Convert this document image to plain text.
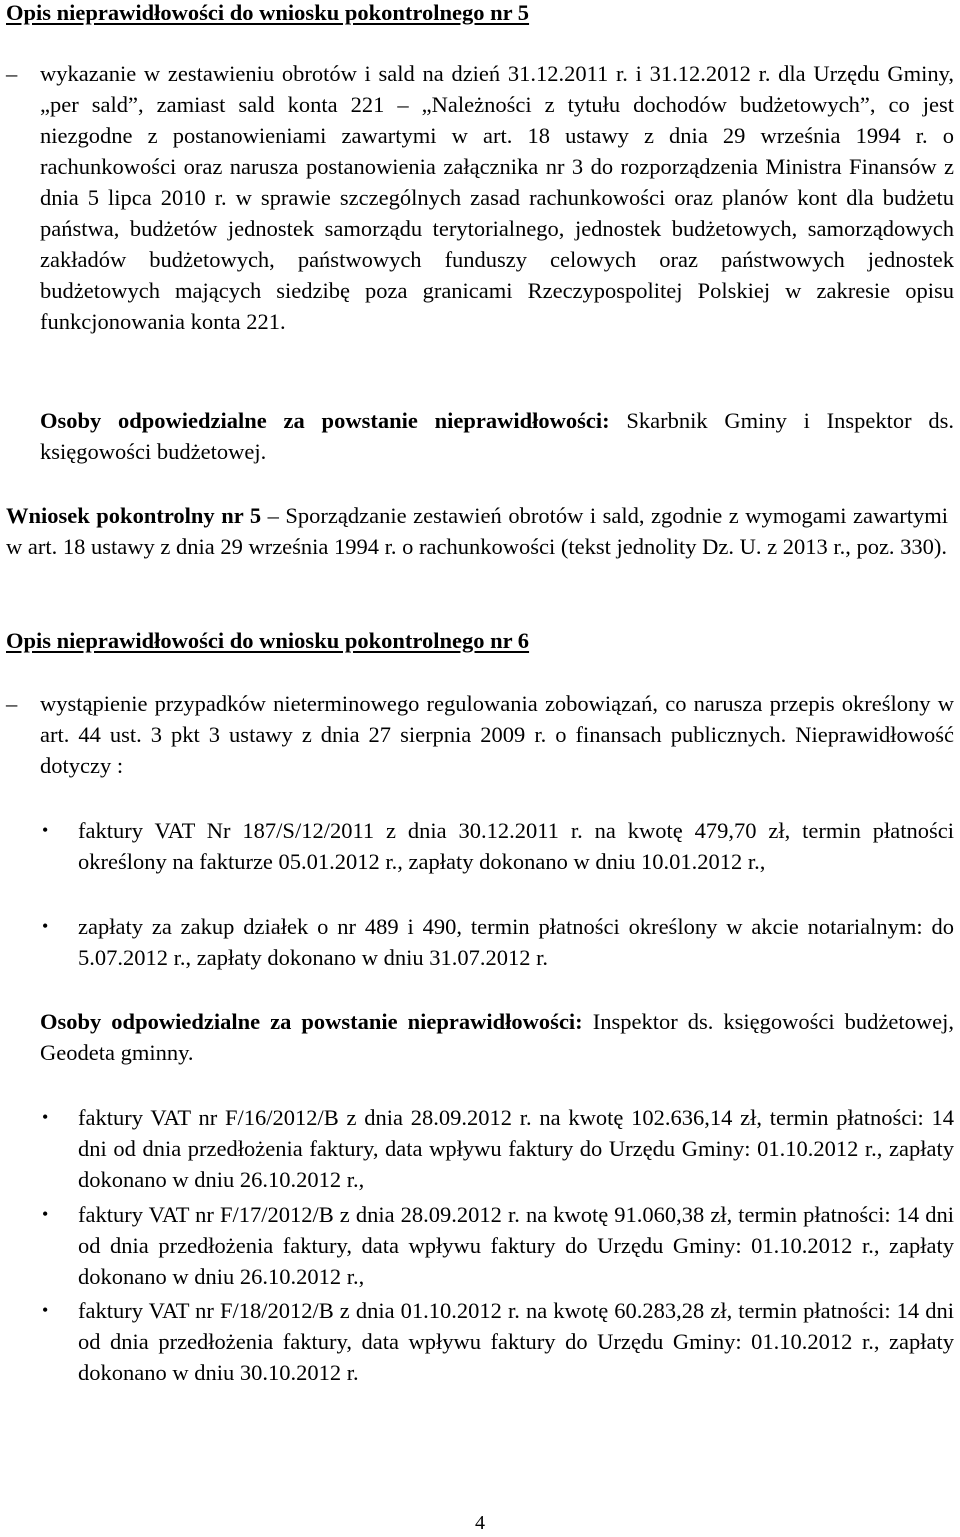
Opis nieprawidłowości do wniosku pokontrolnego nr 5
– wykazanie w zestawieniu obrotów i sald na dzień 31.12.2011 r. i 31.12.2012 r. dla Urzędu Gminy, „per sald”, zamiast sald konta 221 – „Należności z tytułu dochodów budżetowych”, co jest niezgodne z postanowieniami zawartymi w art. 18 ustawy z dnia 29 września 1994 r. o rachunkowości oraz narusza postanowienia załącznika nr 3 do rozporządzenia Ministra Finansów z dnia 5 lipca 2010 r. w sprawie szczególnych zasad rachunkowości oraz planów kont dla budżetu państwa, budżetów jednostek samorządu terytorialnego, jednostek budżetowych, samorządowych zakładów budżetowych, państwowych funduszy celowych oraz państwowych jednostek budżetowych mających siedzibę poza granicami Rzeczypospolitej Polskiej w zakresie opisu funkcjonowania konta 221.
Osoby odpowiedzialne za powstanie nieprawidłowości: Skarbnik Gminy i Inspektor ds. księgowości budżetowej.
Wniosek pokontrolny nr 5 – Sporządzanie zestawień obrotów i sald, zgodnie z wymogami zawartymi w art. 18 ustawy z dnia 29 września 1994 r. o rachunkowości (tekst jednolity Dz. U. z 2013 r., poz. 330).
Opis nieprawidłowości do wniosku pokontrolnego nr 6
– wystąpienie przypadków nieterminowego regulowania zobowiązań, co narusza przepis określony w art. 44 ust. 3 pkt 3 ustawy z dnia 27 sierpnia 2009 r. o finansach publicznych. Nieprawidłowość dotyczy :
• faktury VAT Nr 187/S/12/2011 z dnia 30.12.2011 r. na kwotę 479,70 zł, termin płatności określony na fakturze 05.01.2012 r., zapłaty dokonano w dniu 10.01.2012 r.,
• zapłaty za zakup działek o nr 489 i 490, termin płatności określony w akcie notarialnym: do 5.07.2012 r., zapłaty dokonano w dniu 31.07.2012 r.
Osoby odpowiedzialne za powstanie nieprawidłowości: Inspektor ds. księgowości budżetowej, Geodeta gminny.
• faktury VAT nr F/16/2012/B z dnia 28.09.2012 r. na kwotę 102.636,14 zł, termin płatności: 14 dni od dnia przedłożenia faktury, data wpływu faktury do Urzędu Gminy: 01.10.2012 r., zapłaty dokonano w dniu 26.10.2012 r.,
• faktury VAT nr F/17/2012/B z dnia 28.09.2012 r. na kwotę 91.060,38 zł, termin płatności: 14 dni od dnia przedłożenia faktury, data wpływu faktury do Urzędu Gminy: 01.10.2012 r., zapłaty dokonano w dniu 26.10.2012 r.,
• faktury VAT nr F/18/2012/B z dnia 01.10.2012 r. na kwotę 60.283,28 zł, termin płatności: 14 dni od dnia przedłożenia faktury, data wpływu faktury do Urzędu Gminy: 01.10.2012 r., zapłaty dokonano w dniu 30.10.2012 r.
4
